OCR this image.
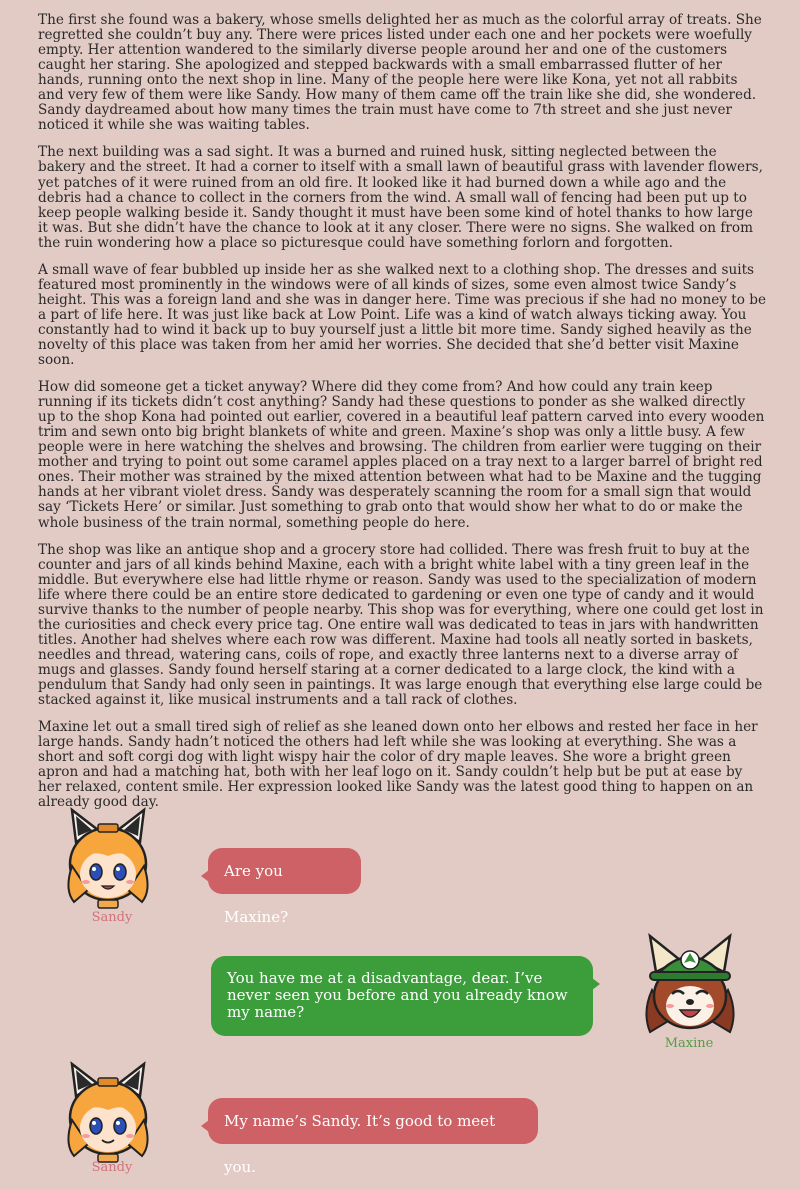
The first she found was a bakery, whose smells delighted her as much as the colorful array of treats. She regretted she couldn’t buy any. There were prices listed under each one and her pockets were woefully empty. Her attention wandered to the similarly diverse people around her and one of the customers caught her staring. She apologized and stepped backwards with a small embarrassed flutter of her hands, running onto the next shop in line. Many of the people here were like Kona, yet not all rabbits and very few of them were like Sandy. How many of them came off the train like she did, she wondered. Sandy daydreamed about how many times the train must have come to 7th street and she just never noticed it while she was waiting tables.

The next building was a sad sight. It was a burned and ruined husk, sitting neglected between the bakery and the street. It had a corner to itself with a small lawn of beautiful grass with lavender flowers, yet patches of it were ruined from an old fire. It looked like it had burned down a while ago and the debris had a chance to collect in the corners from the wind. A small wall of fencing had been put up to keep people walking beside it. Sandy thought it must have been some kind of hotel thanks to how large it was. But she didn’t have the chance to look at it any closer. There were no signs. She walked on from the ruin wondering how a place so picturesque could have something forlorn and forgotten.

A small wave of fear bubbled up inside her as she walked next to a clothing shop. The dresses and suits featured most prominently in the windows were of all kinds of sizes, some even almost twice Sandy’s height. This was a foreign land and she was in danger here. Time was precious if she had no money to be a part of life here. It was just like back at Low Point. Life was a kind of watch always ticking away. You constantly had to wind it back up to buy yourself just a little bit more time. Sandy sighed heavily as the novelty of this place was taken from her amid her worries. She decided that she’d better visit Maxine soon.

How did someone get a ticket anyway? Where did they come from? And how could any train keep running if its tickets didn’t cost anything? Sandy had these questions to ponder as she walked directly up to the shop Kona had pointed out earlier, covered in a beautiful leaf pattern carved into every wooden trim and sewn onto big bright blankets of white and green. Maxine’s shop was only a little busy. A few people were in here watching the shelves and browsing. The children from earlier were tugging on their mother and trying to point out some caramel apples placed on a tray next to a larger barrel of bright red ones. Their mother was strained by the mixed attention between what had to be Maxine and the tugging hands at her vibrant violet dress. Sandy was desperately scanning the room for a small sign that would say ‘Tickets Here’ or similar. Just something to grab onto that would show her what to do or make the whole business of the train normal, something people do here.

The shop was like an antique shop and a grocery store had collided. There was fresh fruit to buy at the counter and jars of all kinds behind Maxine, each with a bright white label with a tiny green leaf in the middle. But everywhere else had little rhyme or reason. Sandy was used to the specialization of modern life where there could be an entire store dedicated to gardening or even one type of candy and it would survive thanks to the number of people nearby. This shop was for everything, where one could get lost in the curiosities and check every price tag. One entire wall was dedicated to teas in jars with handwritten titles. Another had shelves where each row was different. Maxine had tools all neatly sorted in baskets, needles and thread, watering cans, coils of rope, and exactly three lanterns next to a diverse array of mugs and glasses. Sandy found herself staring at a corner dedicated to a large clock, the kind with a pendulum that Sandy had only seen in paintings. It was large enough that everything else large could be stacked against it, like musical instruments and a tall rack of clothes.

Maxine let out a small tired sigh of relief as she leaned down onto her elbows and rested her face in her large hands. Sandy hadn’t noticed the others had left while she was looking at everything. She was a short and soft corgi dog with light wispy hair the color of dry maple leaves. She wore a bright green apron and had a matching hat, both with her leaf logo on it. Sandy couldn’t help but be put at ease by her relaxed, content smile. Her expression looked like Sandy was the latest good thing to happen on an already good day.

Sandy
Are you Maxine?
You have me at a disadvantage, dear. I’ve never seen you before and you already know my name?
Maxine
Sandy
My name’s Sandy. It’s good to meet you.
